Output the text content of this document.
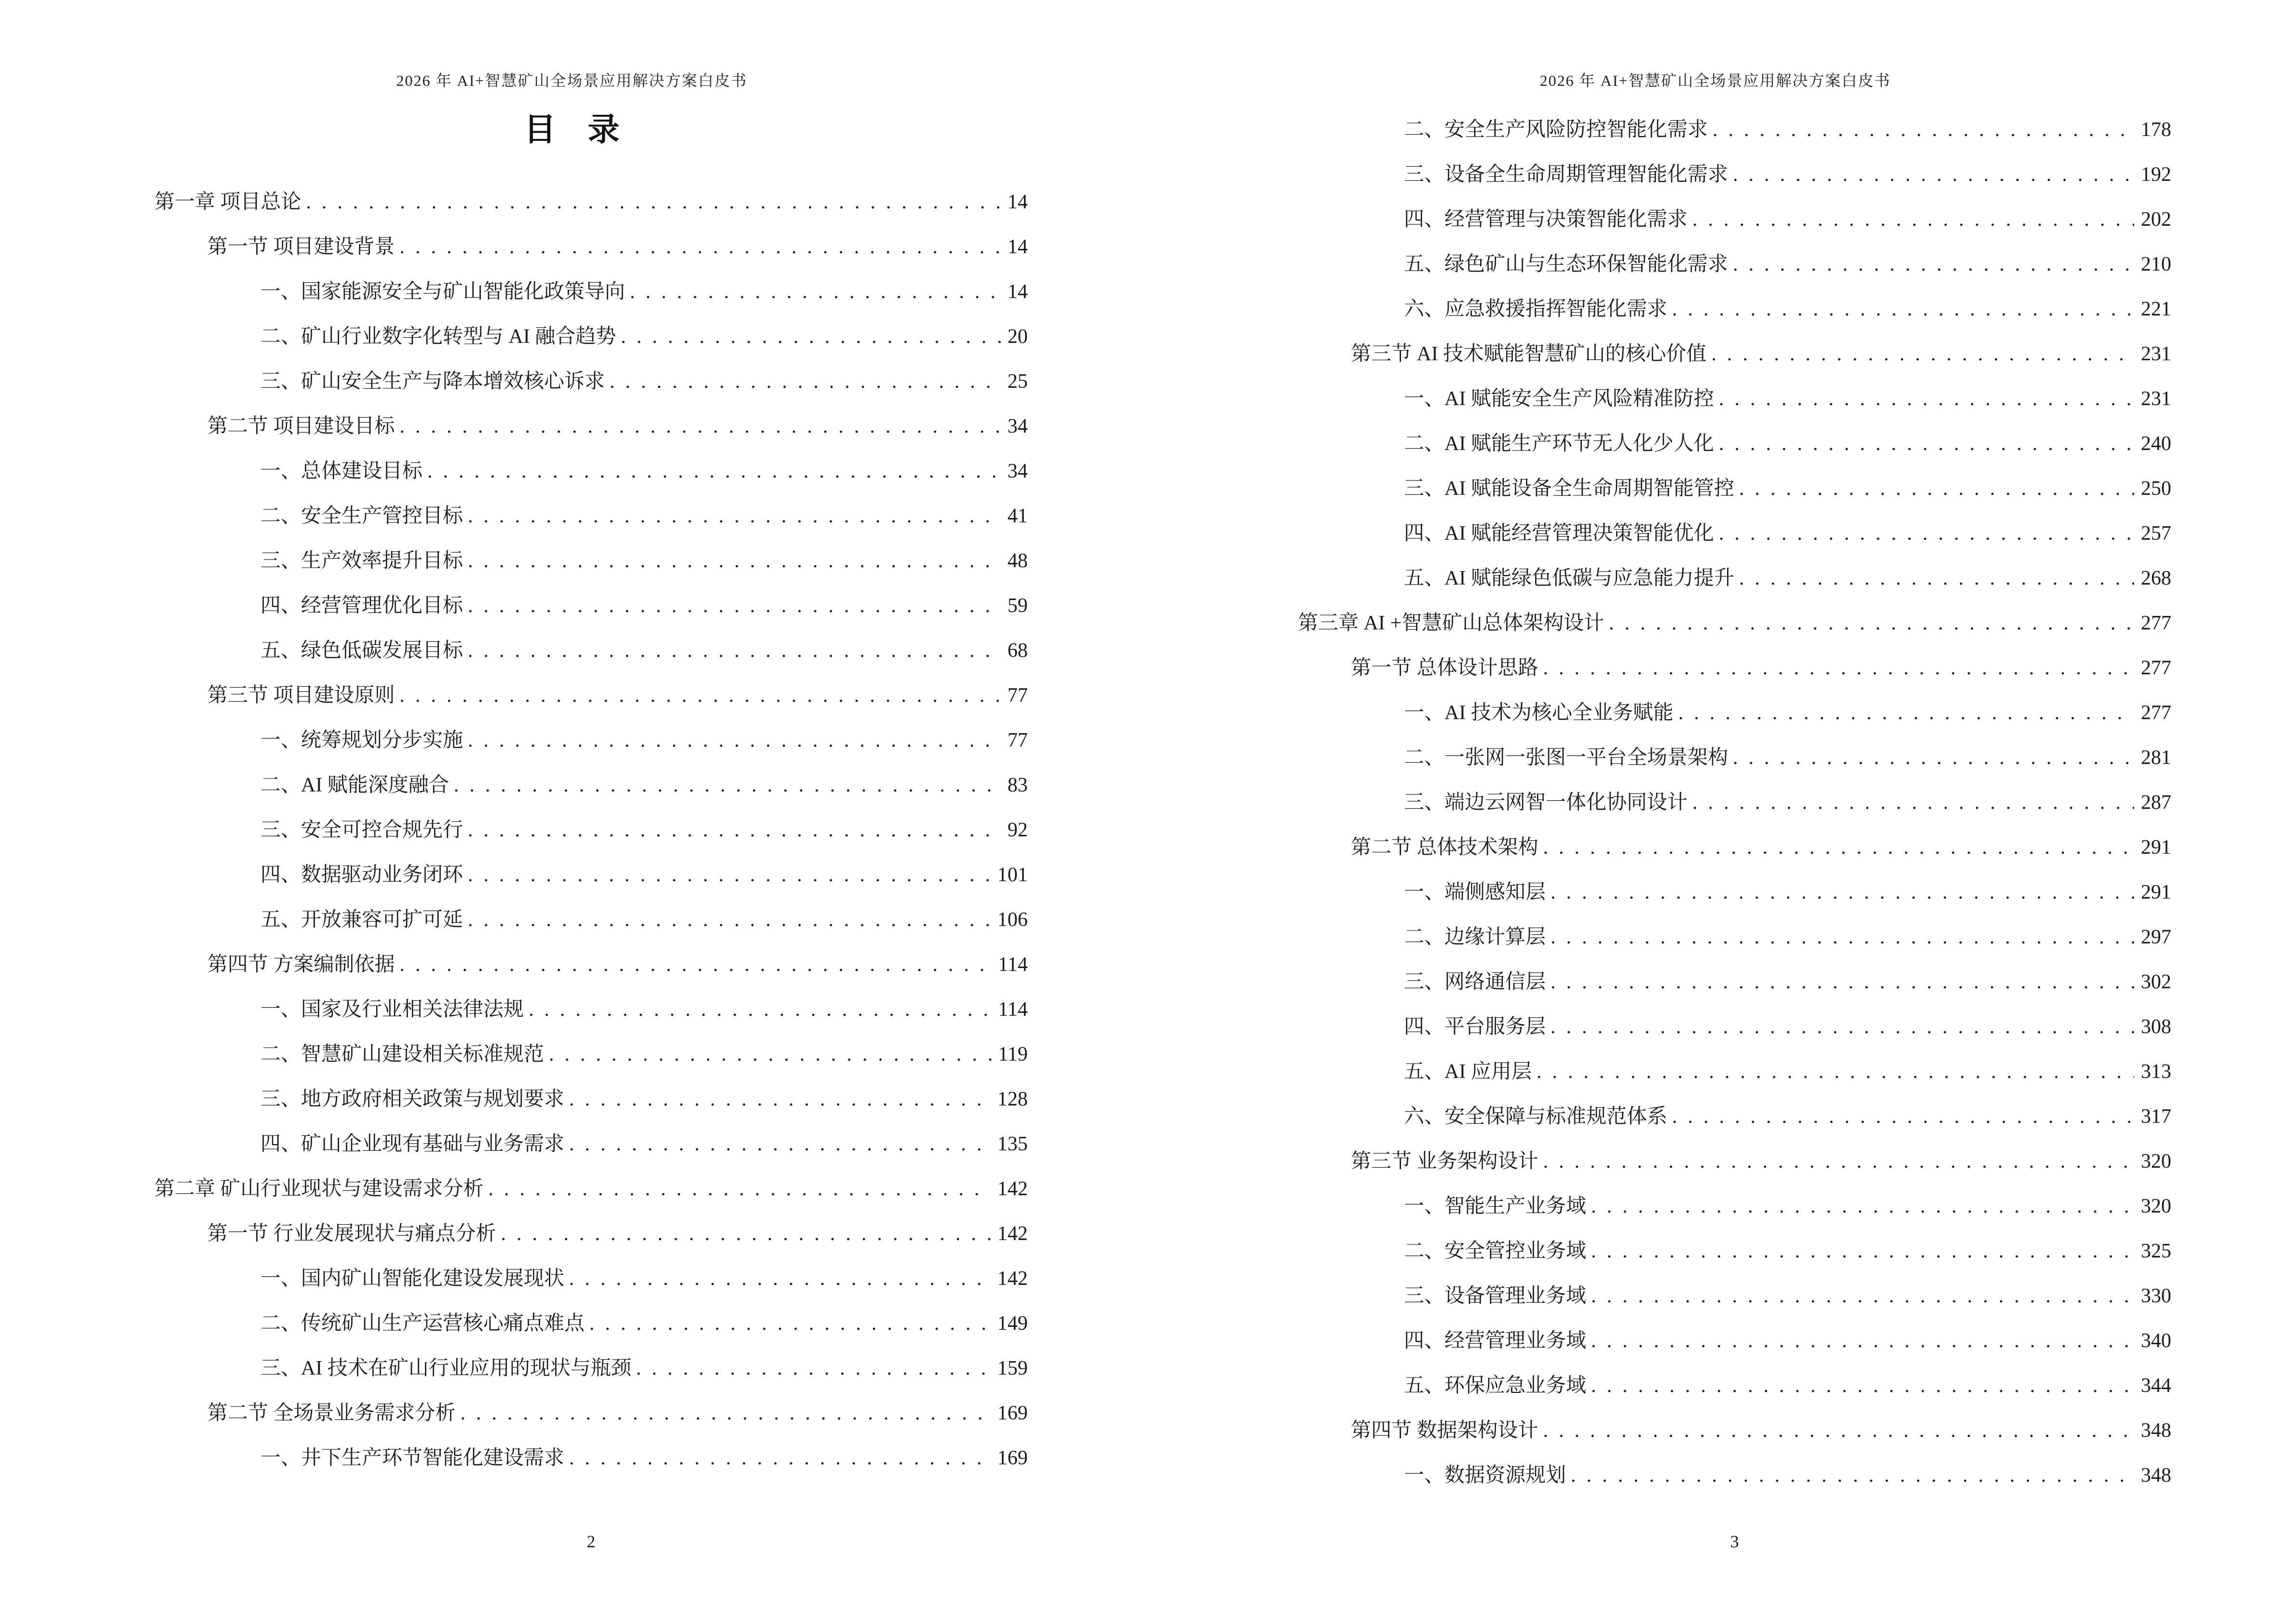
2026 年 AI+智慧矿山全场景应用解决方案白皮书
目　录
第一章 项目总论 .....	14
第一节 项目建设背景 .....	14
一、国家能源安全与矿山智能化政策导向 .....	14
二、矿山行业数字化转型与 AI 融合趋势 .....	20
三、矿山安全生产与降本增效核心诉求 .....	25
第二节 项目建设目标 .....	34
一、总体建设目标 .....	34
二、安全生产管控目标 .....	41
三、生产效率提升目标 .....	48
四、经营管理优化目标 .....	59
五、绿色低碳发展目标 .....	68
第三节 项目建设原则 .....	77
一、统筹规划分步实施 .....	77
二、AI 赋能深度融合 .....	83
三、安全可控合规先行 .....	92
四、数据驱动业务闭环 .....	101
五、开放兼容可扩可延 .....	106
第四节 方案编制依据 .....	114
一、国家及行业相关法律法规 .....	114
二、智慧矿山建设相关标准规范 .....	119
三、地方政府相关政策与规划要求 .....	128
四、矿山企业现有基础与业务需求 .....	135
第二章 矿山行业现状与建设需求分析 .....	142
第一节 行业发展现状与痛点分析 .....	142
一、国内矿山智能化建设发展现状 .....	142
二、传统矿山生产运营核心痛点难点 .....	149
三、AI 技术在矿山行业应用的现状与瓶颈 .....	159
第二节 全场景业务需求分析 .....	169
一、井下生产环节智能化建设需求 .....	169
2
2026 年 AI+智慧矿山全场景应用解决方案白皮书
二、安全生产风险防控智能化需求 .....	178
三、设备全生命周期管理智能化需求 .....	192
四、经营管理与决策智能化需求 .....	202
五、绿色矿山与生态环保智能化需求 .....	210
六、应急救援指挥智能化需求 .....	221
第三节 AI 技术赋能智慧矿山的核心价值 .....	231
一、AI 赋能安全生产风险精准防控 .....	231
二、AI 赋能生产环节无人化少人化 .....	240
三、AI 赋能设备全生命周期智能管控 .....	250
四、AI 赋能经营管理决策智能优化 .....	257
五、AI 赋能绿色低碳与应急能力提升 .....	268
第三章 AI +智慧矿山总体架构设计 .....	277
第一节 总体设计思路 .....	277
一、AI 技术为核心全业务赋能 .....	277
二、一张网一张图一平台全场景架构 .....	281
三、端边云网智一体化协同设计 .....	287
第二节 总体技术架构 .....	291
一、端侧感知层 .....	291
二、边缘计算层 .....	297
三、网络通信层 .....	302
四、平台服务层 .....	308
五、AI 应用层 .....	313
六、安全保障与标准规范体系 .....	317
第三节 业务架构设计 .....	320
一、智能生产业务域 .....	320
二、安全管控业务域 .....	325
三、设备管理业务域 .....	330
四、经营管理业务域 .....	340
五、环保应急业务域 .....	344
第四节 数据架构设计 .....	348
一、数据资源规划 .....	348
3
